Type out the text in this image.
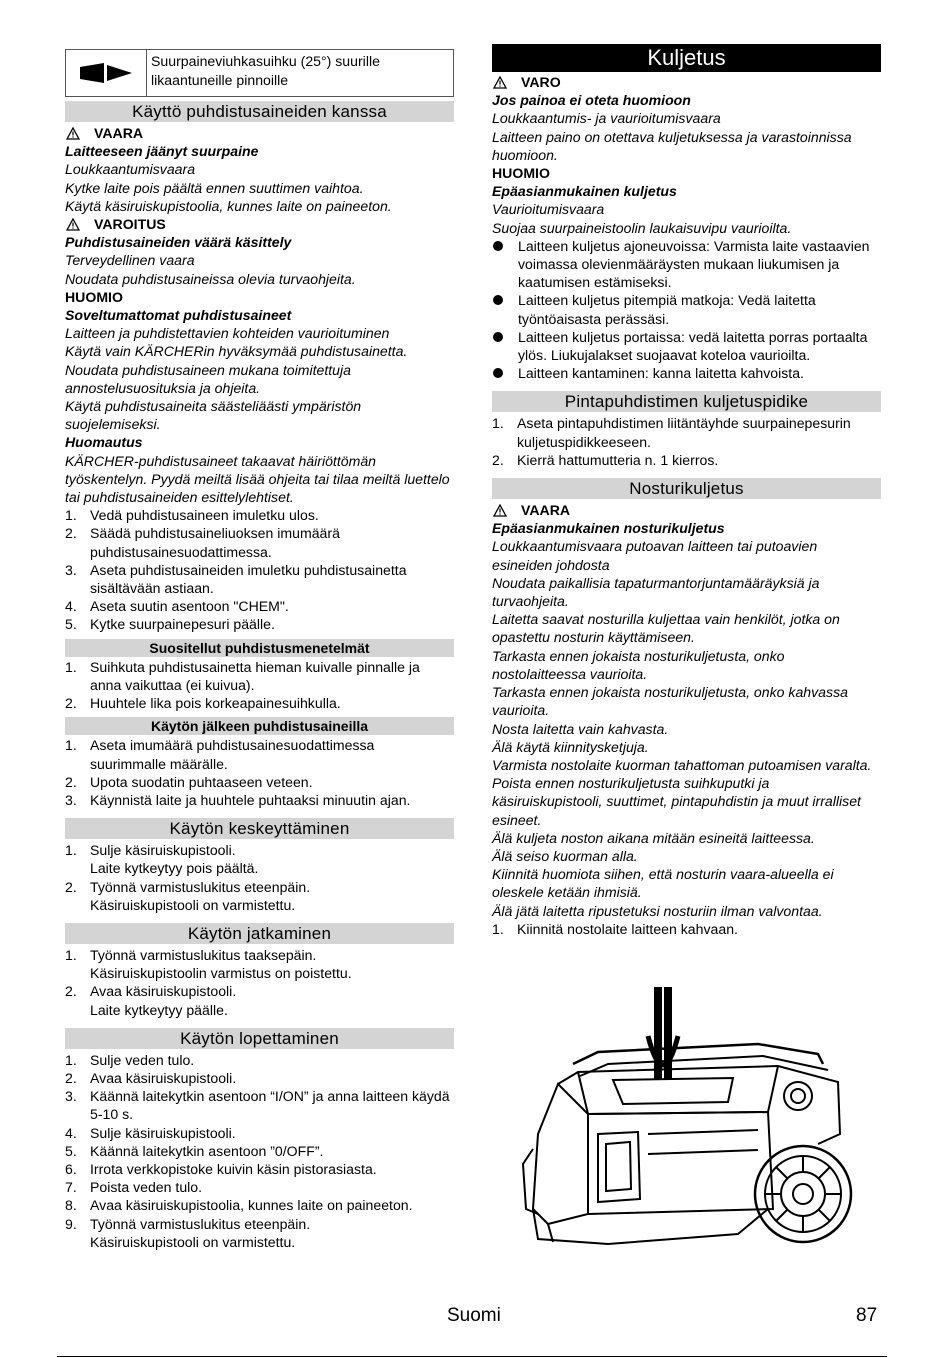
Suurpaineviuhkasuihku (25°) suurille likaantuneille pinnoille
Käyttö puhdistusaineiden kanssa
VAARA
Laitteeseen jäänyt suurpaine
Loukkaantumisvaara
Kytke laite pois päältä ennen suuttimen vaihtoa.
Käytä käsiruiskupistoolia, kunnes laite on paineeton.
VAROITUS
Puhdistusaineiden väärä käsittely
Terveydellinen vaara
Noudata puhdistusaineissa olevia turvaohjeita.
HUOMIO
Soveltumattomat puhdistusaineet
Laitteen ja puhdistettavien kohteiden vaurioituminen
Käytä vain KÄRCHERin hyväksymää puhdistusainetta.
Noudata puhdistusaineen mukana toimitettuja annostelusuosituksia ja ohjeita.
Käytä puhdistusaineita säästeliäästi ympäristön suojelemiseksi.
Huomautus
KÄRCHER-puhdistusaineet takaavat häiriöttömän työskentelyn. Pyydä meiltä lisää ohjeita tai tilaa meiltä luettelo tai puhdistusaineiden esittelylehtiset.
1. Vedä puhdistusaineen imuletku ulos.
2. Säädä puhdistusaineliuoksen imumäärä puhdistusainesuodattimessa.
3. Aseta puhdistusaineiden imuletku puhdistusainetta sisältävään astiaan.
4. Aseta suutin asentoon "CHEM".
5. Kytke suurpainepesuri päälle.
Suositellut puhdistusmenetelmät
1. Suihkuta puhdistusainetta hieman kuivalle pinnalle ja anna vaikuttaa (ei kuivua).
2. Huuhtele lika pois korkeapainesuihkulla.
Käytön jälkeen puhdistusaineilla
1. Aseta imumäärä puhdistusainesuodattimessa suurimmalle määrälle.
2. Upota suodatin puhtaaseen veteen.
3. Käynnistä laite ja huuhtele puhtaaksi minuutin ajan.
Käytön keskeyttäminen
1. Sulje käsiruiskupistooli.
Laite kytkeytyy pois päältä.
2. Työnnä varmistuslukitus eteenpäin.
Käsiruiskupistooli on varmistettu.
Käytön jatkaminen
1. Työnnä varmistuslukitus taaksepäin.
Käsiruiskupistoolin varmistus on poistettu.
2. Avaa käsiruiskupistooli.
Laite kytkeytyy päälle.
Käytön lopettaminen
1. Sulje veden tulo.
2. Avaa käsiruiskupistooli.
3. Käännä laitekytkin asentoon “I/ON” ja anna laitteen käydä 5-10 s.
4. Sulje käsiruiskupistooli.
5. Käännä laitekytkin asentoon ”0/OFF”.
6. Irrota verkkopistoke kuivin käsin pistorasiasta.
7. Poista veden tulo.
8. Avaa käsiruiskupistoolia, kunnes laite on paineeton.
9. Työnnä varmistuslukitus eteenpäin.
Käsiruiskupistooli on varmistettu.
Kuljetus
VARO
Jos painoa ei oteta huomioon
Loukkaantumis- ja vaurioitumisvaara
Laitteen paino on otettava kuljetuksessa ja varastoinnissa huomioon.
HUOMIO
Epäasianmukainen kuljetus
Vaurioitumisvaara
Suojaa suurpaineistoolin laukaisuvipu vaurioilta.
Laitteen kuljetus ajoneuvoissa: Varmista laite vastaavien voimassa olevienmääräysten mukaan liukumisen ja kaatumisen estämiseksi.
Laitteen kuljetus pitempiä matkoja: Vedä laitetta työntöaisasta perässäsi.
Laitteen kuljetus portaissa: vedä laitetta porras portaalta ylös. Liukujalakset suojaavat koteloa vaurioilta.
Laitteen kantaminen: kanna laitetta kahvoista.
Pintapuhdistimen kuljetuspidike
1. Aseta pintapuhdistimen liitäntäyhde suurpainepesurin kuljetuspidikkeeseen.
2. Kierrä hattumutteria n. 1 kierros.
Nosturikuljetus
VAARA
Epäasianmukainen nosturikuljetus
Loukkaantumisvaara putoavan laitteen tai putoavien esineiden johdosta
Noudata paikallisia tapaturmantorjuntamääräyksiä ja turvaohjeita.
Laitetta saavat nosturilla kuljettaa vain henkilöt, jotka on opastettu nosturin käyttämiseen.
Tarkasta ennen jokaista nosturikuljetusta, onko nostolaitteessa vaurioita.
Tarkasta ennen jokaista nosturikuljetusta, onko kahvassa vaurioita.
Nosta laitetta vain kahvasta.
Älä käytä kiinnitysketjuja.
Varmista nostolaite kuorman tahattoman putoamisen varalta.
Poista ennen nosturikuljetusta suihkuputki ja käsiruiskupistooli, suuttimet, pintapuhdistin ja muut irralliset esineet.
Älä kuljeta noston aikana mitään esineitä laitteessa.
Älä seiso kuorman alla.
Kiinnitä huomiota siihen, että nosturin vaara-alueella ei oleskele ketään ihmisiä.
Älä jätä laitetta ripustetuksi nosturiin ilman valvontaa.
1. Kiinnitä nostolaite laitteen kahvaan.
Suomi	87
